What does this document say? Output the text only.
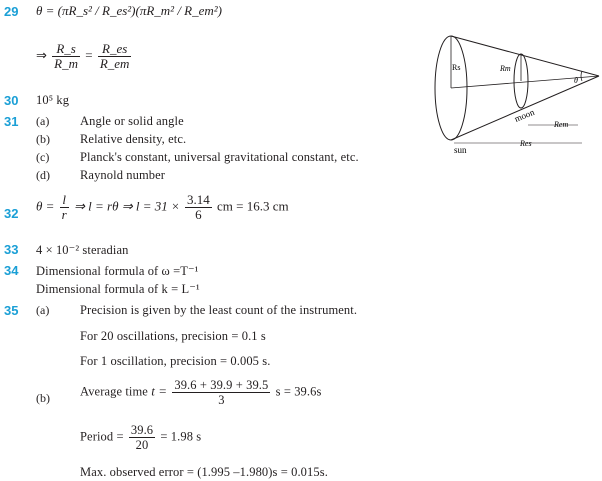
29 θ = (πR_s² / R_es²)(πR_m² / R_em²)
⇒ $\frac{R\_s}{R\_m} = \frac{R\_es}{R\_em}$	Rs	Rm
θ
moon
Rem
Res
sun
30 10⁵ kg
31 (a) Angle or solid angle
(b) Relative density, etc.
(c) Planck's constant, universal gravitational constant, etc.
(d) Raynold number
32
$\theta = \frac{l}{r}$ ⇒ l = rθ ⇒ $l = 31 \times \frac{3.14}{6}$ cm = 16.3 cm
33 4 × 10⁻² steradian
34 Dimensional formula of ω =T⁻¹
Dimensional formula of k = L⁻¹
35 (a) Precision is given by the least count of the instrument.
For 20 oscillations, precision = 0.1 s
For 1 oscillation, precision = 0.005 s.
(b) Average time $t = \frac{39.6 + 39.9 + 39.5}{3}$ s = 39.6s
Period = $\frac{39.6}{20} = 1.98$ s
Max. observed error = (1.995 –1.980)s = 0.015s.
